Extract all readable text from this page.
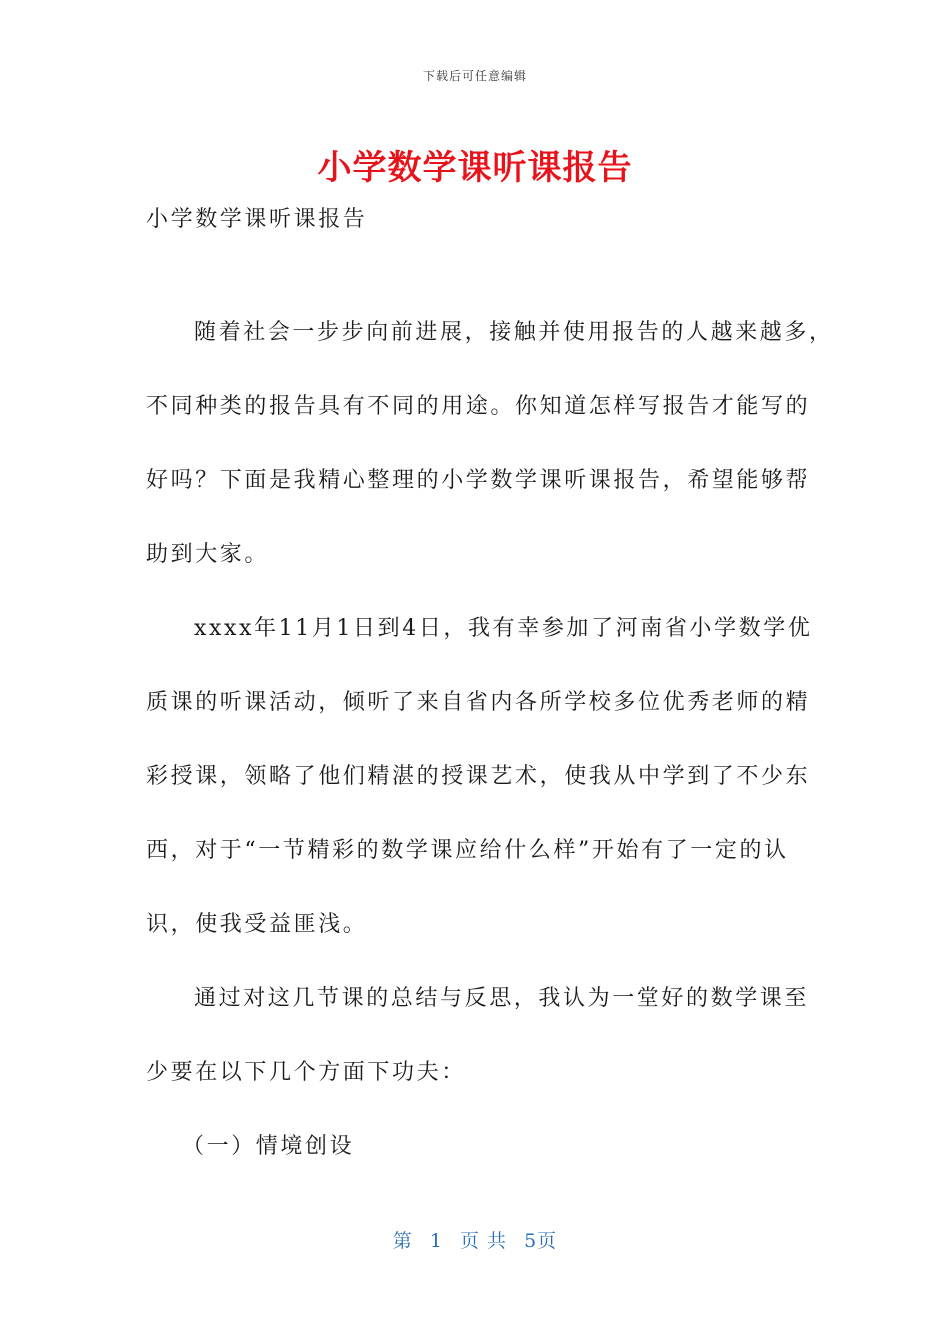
下载后可任意编辑
小学数学课听课报告
小学数学课听课报告
随着社会一步步向前进展，接触并使用报告的人越来越多，
不同种类的报告具有不同的用途。你知道怎样写报告才能写的
好吗？下面是我精心整理的小学数学课听课报告，希望能够帮
助到大家。
xxxx年11月1日到4日，我有幸参加了河南省小学数学优
质课的听课活动，倾听了来自省内各所学校多位优秀老师的精
彩授课，领略了他们精湛的授课艺术，使我从中学到了不少东
西，对于“一节精彩的数学课应给什么样”开始有了一定的认
识，使我受益匪浅。
通过对这几节课的总结与反思，我认为一堂好的数学课至
少要在以下几个方面下功夫：
（一）情境创设
第 1 页 共 5页
